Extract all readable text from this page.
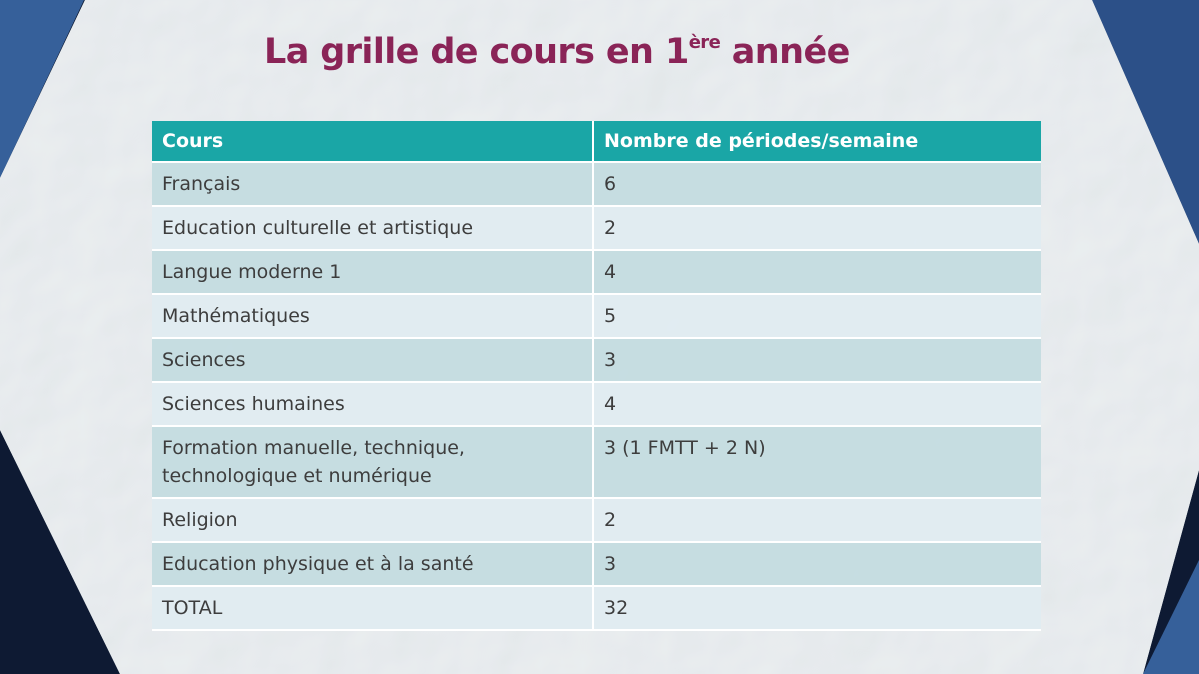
La grille de cours en 1ère année
Cours	Nombre de périodes/semaine
Français	6
Education culturelle et artistique	2
Langue moderne 1	4
Mathématiques	5
Sciences	3
Sciences humaines	4
Formation manuelle, technique, technologique et numérique	3 (1 FMTT + 2 N)
Religion	2
Education physique et à la santé	3
TOTAL	32
